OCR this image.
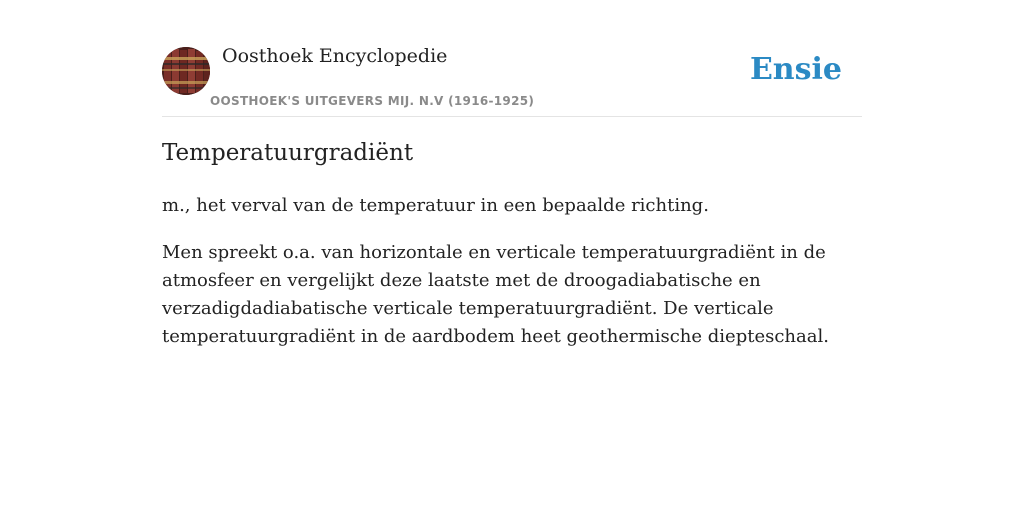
Oosthoek Encyclopedie
OOSTHOEK'S UITGEVERS MIJ. N.V (1916-1925)
Ensie
Temperatuurgradiënt

m., het verval van de temperatuur in een bepaalde richting.

Men spreekt o.a. van horizontale en verticale temperatuurgradiënt in de atmosfeer en vergelijkt deze laatste met de droogadiabatische en verzadigdadiabatische verticale temperatuurgradiënt. De verticale temperatuurgradiënt in de aardbodem heet geothermische diepteschaal.
